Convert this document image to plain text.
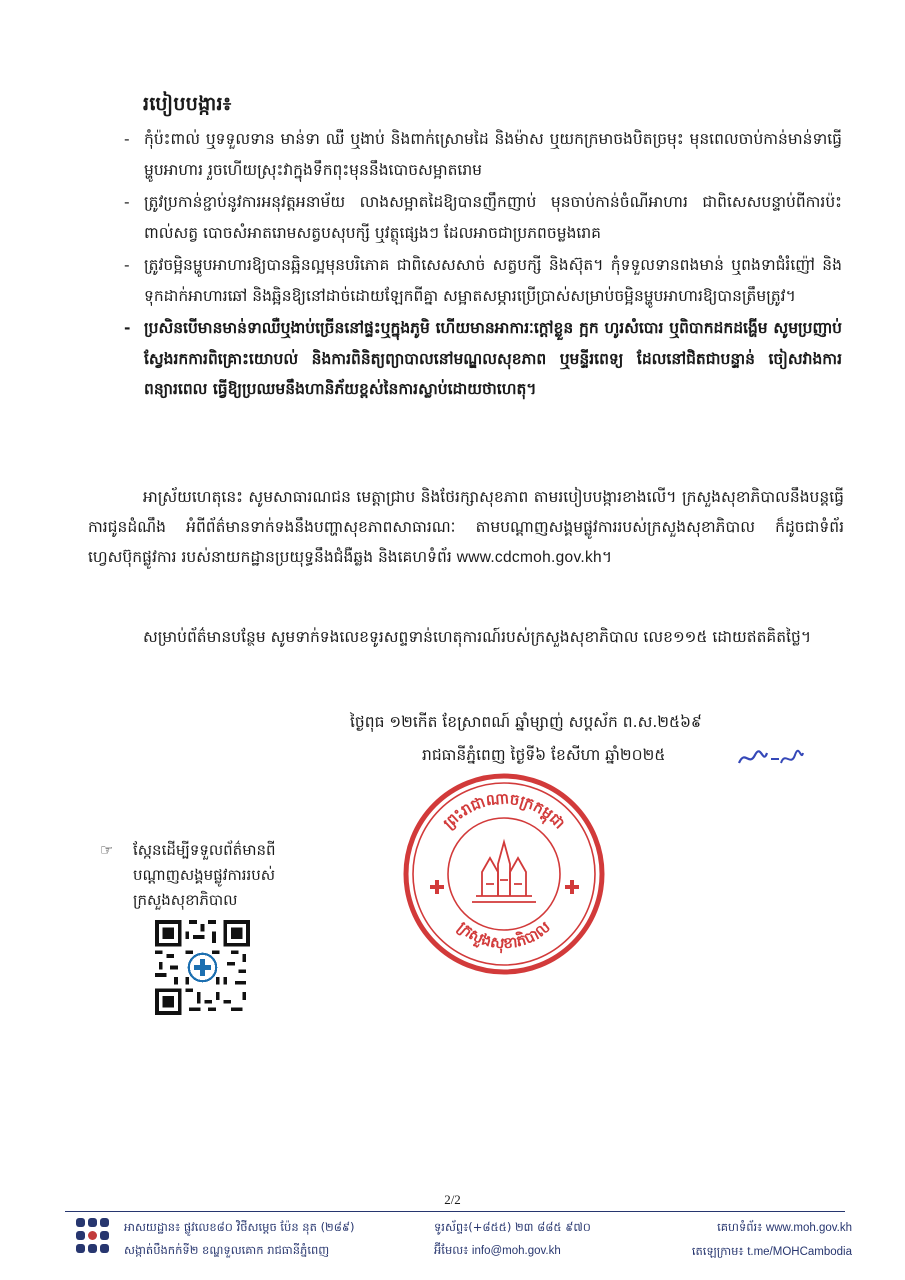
របៀបបង្ការ៖
- កុំប៉ះពាល់ ឬទទួលទាន មាន់ទា ឈឺ ឬងាប់ និងពាក់ស្រោមដៃ និងម៉ាស ឬយកក្រមាចងបិតច្រមុះ មុនពេលចាប់កាន់មាន់ទាធ្វើម្ហូបអាហារ រួចហើយស្រុះវាក្នុងទឹកពុះមុននឹងបោចសម្អាតរោម
- ត្រូវប្រកាន់ខ្ជាប់នូវការអនុវត្តអនាម័យ លាងសម្អាតដៃឱ្យបានញឹកញាប់ មុនចាប់កាន់ចំណីអាហារ ជាពិសេសបន្ទាប់ពីការប៉ះពាល់សត្វ បោចសំអាតរោមសត្វបសុបក្សី ឬវត្ថុផ្សេងៗ ដែលអាចជាប្រភពចម្លងរោគ
- ត្រូវចម្អិនម្ហូបអាហារឱ្យបានឆ្អិនល្អមុនបរិភោគ ជាពិសេសសាច់ សត្វបក្សី និងស៊ុត។ កុំទទួលទានពងមាន់ ឬពងទាជំរំញ៉ៅ និងទុកដាក់អាហារឆៅ និងឆ្អិនឱ្យនៅដាច់ដោយឡែកពីគ្នា សម្អាតសម្ភារប្រើប្រាស់សម្រាប់ចម្អិនម្ហូបអាហារឱ្យបានត្រឹមត្រូវ។
- ប្រសិនបើមានមាន់ទាឈឺឬងាប់ច្រើននៅផ្ទះឬក្នុងភូមិ ហើយមានអាការៈក្តៅខ្លួន ក្អក ហូរសំបោរ ឬពិបាកដកដង្ហើម សូមប្រញាប់ស្វែងរកការពិគ្រោះយោបល់ និងការពិនិត្យព្យាបាលនៅមណ្ឌលសុខភាព ឬមន្ទីរពេទ្យ ដែលនៅជិតជាបន្ទាន់ ចៀសវាងការពន្យារពេល ធ្វើឱ្យប្រឈមនឹងហានិភ័យខ្ពស់នៃការស្លាប់ដោយថាហេតុ។
អាស្រ័យហេតុនេះ សូមសាធារណជន មេត្តាជ្រាប និងថែរក្សាសុខភាព តាមរបៀបបង្ការខាងលើ។ ក្រសួងសុខាភិបាលនឹងបន្តធ្វើការជូនដំណឹង អំពីព័ត៌មានទាក់ទងនឹងបញ្ហាសុខភាពសាធារណៈ តាមបណ្តាញសង្គមផ្លូវការរបស់ក្រសួងសុខាភិបាល ក៏ដូចជាទំព័រហ្វេសប៊ុកផ្លូវការ របស់នាយកដ្ឋានប្រយុទ្ធនឹងជំងឺឆ្លង និងគេហទំព័រ www.cdcmoh.gov.kh។
សម្រាប់ព័ត៌មានបន្ថែម សូមទាក់ទងលេខទូរសព្ទទាន់ហេតុការណ៍របស់ក្រសួងសុខាភិបាល លេខ១១៥ ដោយឥតគិតថ្លៃ។
ថ្ងៃពុធ ១២កើត ខែស្រាពណ៍ ឆ្នាំម្សាញ់ សប្តស័ក ព.ស.២៥៦៩
រាជធានីភ្នំពេញ ថ្ងៃទី៦ ខែសីហា ឆ្នាំ២០២៥
ព្រះរាជាណាចក្រកម្ពុជា
ក្រសួងសុខាភិបាល
☞ ស្កែនដើម្បីទទួលព័ត៌មានពី
បណ្តាញសង្គមផ្លូវការរបស់
ក្រសួងសុខាភិបាល
2/2
អាសយដ្ឋាន៖ ផ្លូវលេខ៨០ វិថីសម្តេច ប៉ែន នុត (២៨៩)
សង្កាត់បឹងកក់ទី២ ខណ្ឌទួលគោក រាជធានីភ្នំពេញ
ទូរស័ព្ទ៖(+៨៥៥) ២៣ ៨៨៥ ៩៧០
អ៊ីមែល៖ info@moh.gov.kh
គេហទំព័រ៖ www.moh.gov.kh
តេឡេក្រាម៖ t.me/MOHCambodia
